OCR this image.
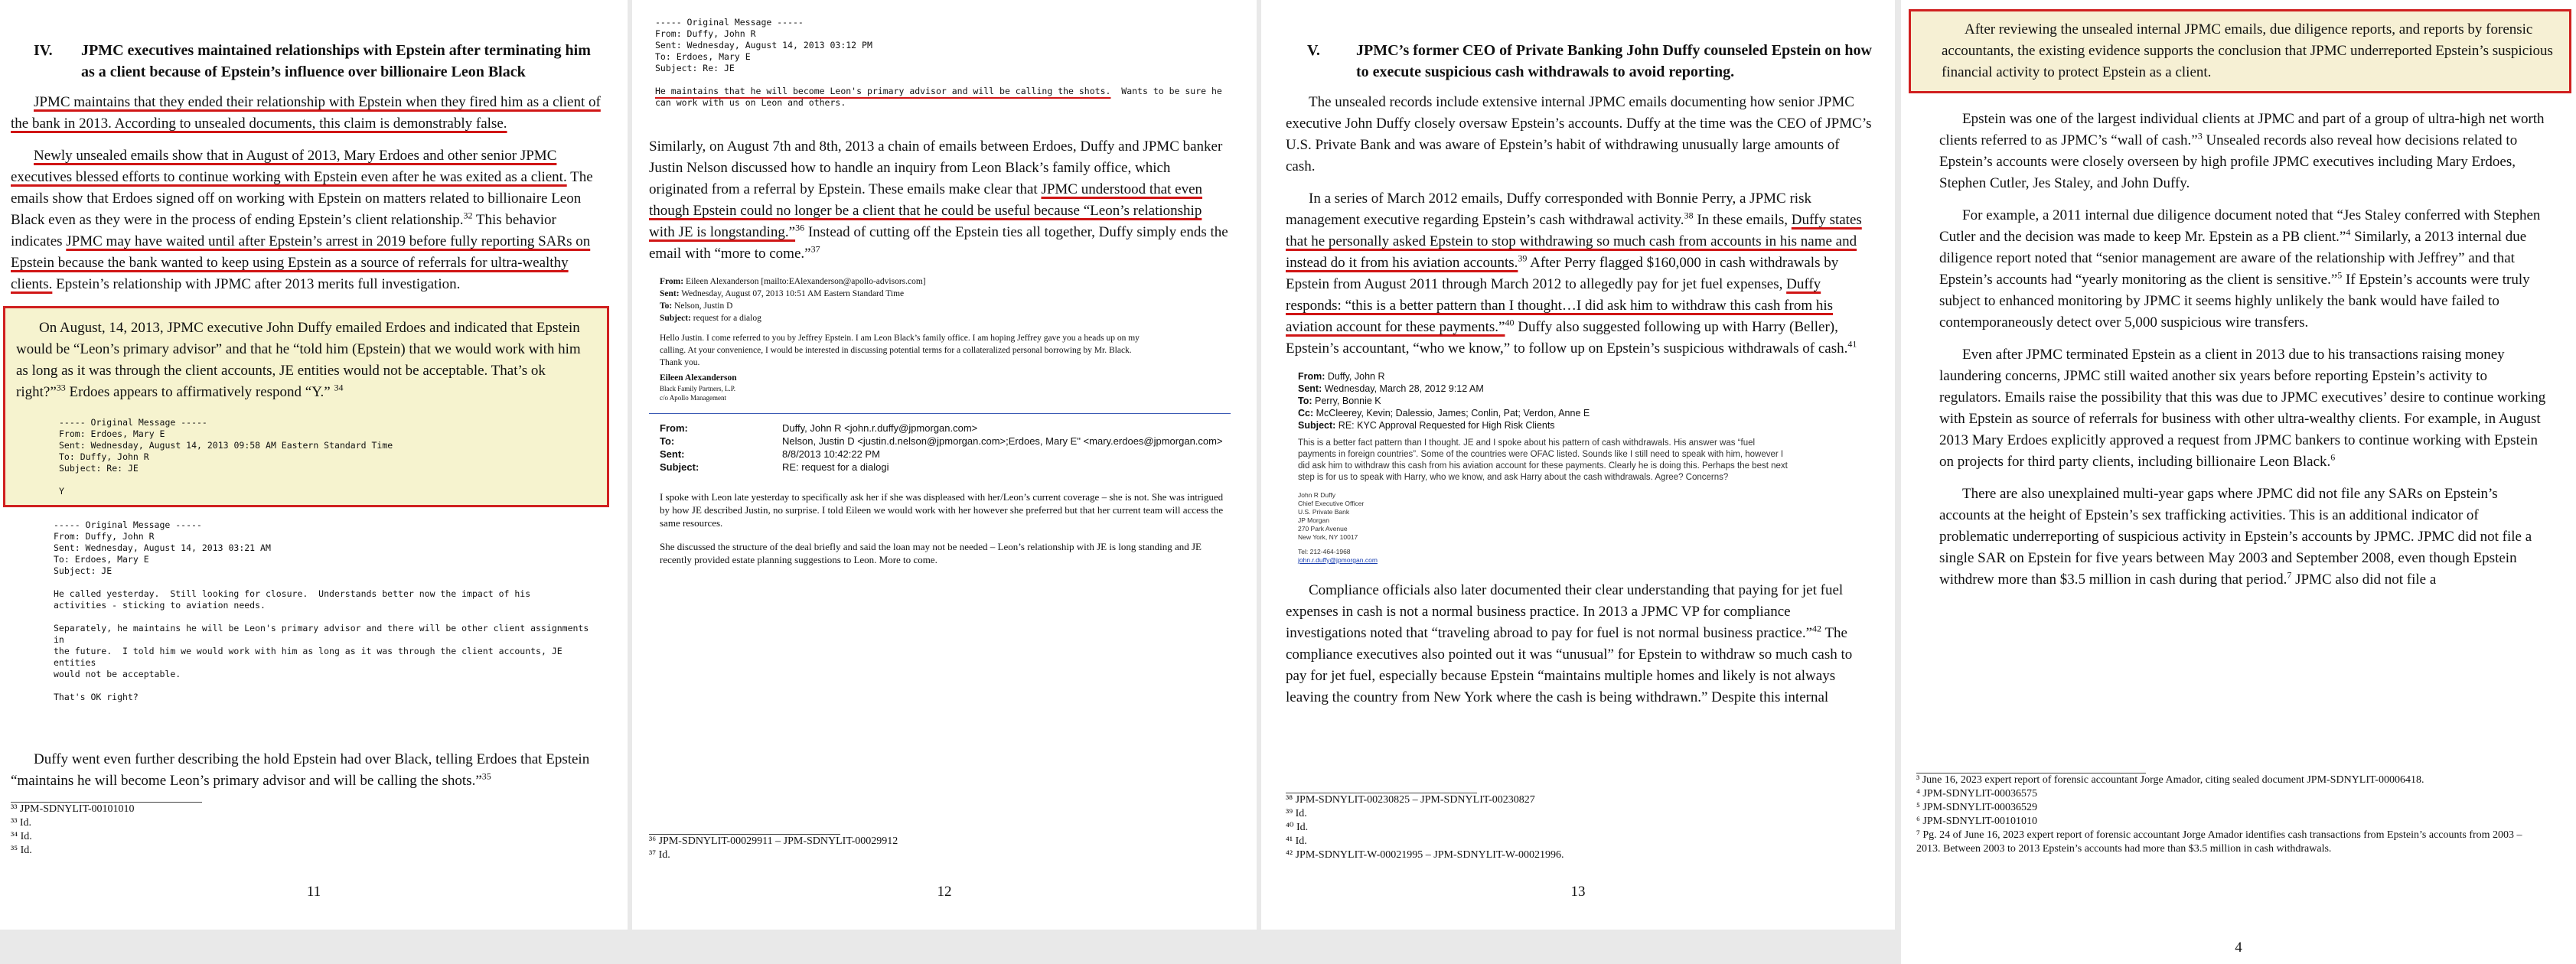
IV.	JPMC executives maintained relationships with Epstein after terminating him as a client because of Epstein’s influence over billionaire Leon Black

JPMC maintains that they ended their relationship with Epstein when they fired him as a client of the bank in 2013. According to unsealed documents, this claim is demonstrably false.

Newly unsealed emails show that in August of 2013, Mary Erdoes and other senior JPMC executives blessed efforts to continue working with Epstein even after he was exited as a client. The emails show that Erdoes signed off on working with Epstein on matters related to billionaire Leon Black even as they were in the process of ending Epstein’s client relationship.$^{32}$ This behavior indicates JPMC may have waited until after Epstein’s arrest in 2019 before fully reporting SARs on Epstein because the bank wanted to keep using Epstein as a source of referrals for ultra-wealthy clients. Epstein’s relationship with JPMC after 2013 merits full investigation.

On August, 14, 2013, JPMC executive John Duffy emailed Erdoes and indicated that Epstein would be “Leon’s primary advisor” and that he “told him (Epstein) that we would work with him as long as it was through the client accounts, JE entities would not be acceptable. That’s ok right?”$^{33}$ Erdoes appears to affirmatively respond “Y.” $^{34}$

----- Original Message -----
From: Erdoes, Mary E
Sent: Wednesday, August 14, 2013 09:58 AM Eastern Standard Time
To: Duffy, John R
Subject: Re: JE

Y
----- Original Message -----
From: Duffy, John R
Sent: Wednesday, August 14, 2013 03:21 AM
To: Erdoes, Mary E
Subject: JE

He called yesterday.  Still looking for closure.  Understands better now the impact of his
activities - sticking to aviation needs.

Separately, he maintains he will be Leon's primary advisor and there will be other client assignments in
the future.  I told him we would work with him as long as it was through the client accounts, JE entities
would not be acceptable.

That's OK right?

Duffy went even further describing the hold Epstein had over Black, telling Erdoes that Epstein “maintains he will become Leon’s primary advisor and will be calling the shots.”$^{35}$

³³ JPM-SDNYLIT-00101010
³³ Id.
³⁴ Id.
³⁵ Id.
11
----- Original Message -----
From: Duffy, John R
Sent: Wednesday, August 14, 2013 03:12 PM
To: Erdoes, Mary E
Subject: Re: JE
He maintains that he will become Leon's primary advisor and will be calling the shots.  Wants to be sure he can work with us on Leon and others.

Similarly, on August 7th and 8th, 2013 a chain of emails between Erdoes, Duffy and JPMC banker Justin Nelson discussed how to handle an inquiry from Leon Black’s family office, which originated from a referral by Epstein. These emails make clear that JPMC understood that even though Epstein could no longer be a client that he could be useful because “Leon’s relationship with JE is longstanding.”$^{36}$ Instead of cutting off the Epstein ties all together, Duffy simply ends the email with “more to come.”$^{37}$

From: Eileen Alexanderson [mailto:EAlexanderson@apollo-advisors.com]
Sent: Wednesday, August 07, 2013 10:51 AM Eastern Standard Time
To: Nelson, Justin D
Subject: request for a dialog
Hello Justin. I come referred to you by Jeffrey Epstein. I am Leon Black’s family office. I am hoping Jeffrey gave you a heads up on my calling. At your convenience, I would be interested in discussing potential terms for a collateralized personal borrowing by Mr. Black. Thank you.
Eileen Alexanderson
Black Family Partners, L.P.
c/o Apollo Management
From:	Duffy, John R <john.r.duffy@jpmorgan.com>
To:	Nelson, Justin D <justin.d.nelson@jpmorgan.com>;Erdoes, Mary E" <mary.erdoes@jpmorgan.com>
Sent:	8/8/2013 10:42:22 PM
Subject:	RE: request for a dialogi
I spoke with Leon late yesterday to specifically ask her if she was displeased with her/Leon’s current coverage – she is not. She was intrigued by how JE described Justin, no surprise. I told Eileen we would work with her however she preferred but that her current team will access the same resources.
She discussed the structure of the deal briefly and said the loan may not be needed – Leon’s relationship with JE is long standing and JE recently provided estate planning suggestions to Leon. More to come.
³⁶ JPM-SDNYLIT-00029911 – JPM-SDNYLIT-00029912
³⁷ Id.
12
V.	JPMC’s former CEO of Private Banking John Duffy counseled Epstein on how to execute suspicious cash withdrawals to avoid reporting.

The unsealed records include extensive internal JPMC emails documenting how senior JPMC executive John Duffy closely oversaw Epstein’s accounts. Duffy at the time was the CEO of JPMC’s U.S. Private Bank and was aware of Epstein’s habit of withdrawing unusually large amounts of cash.

In a series of March 2012 emails, Duffy corresponded with Bonnie Perry, a JPMC risk management executive regarding Epstein’s cash withdrawal activity.$^{38}$ In these emails, Duffy states that he personally asked Epstein to stop withdrawing so much cash from accounts in his name and instead do it from his aviation accounts.$^{39}$ After Perry flagged $160,000 in cash withdrawals by Epstein from August 2011 through March 2012 to allegedly pay for jet fuel expenses, Duffy responds: “this is a better pattern than I thought…I did ask him to withdraw this cash from his aviation account for these payments.”$^{40}$ Duffy also suggested following up with Harry (Beller), Epstein’s accountant, “who we know,” to follow up on Epstein’s suspicious withdrawals of cash.$^{41}$

From: Duffy, John R
Sent: Wednesday, March 28, 2012 9:12 AM
To: Perry, Bonnie K
Cc: McCleerey, Kevin; Dalessio, James; Conlin, Pat; Verdon, Anne E
Subject: RE: KYC Approval Requested for High Risk Clients
This is a better fact pattern than I thought. JE and I spoke about his pattern of cash withdrawals. His answer was “fuel payments in foreign countries”. Some of the countries were OFAC listed. Sounds like I still need to speak with him, however I did ask him to withdraw this cash from his aviation account for these payments. Clearly he is doing this. Perhaps the best next step is for us to speak with Harry, who we know, and ask Harry about the cash withdrawals. Agree? Concerns?
John R Duffy
Chief Executive Officer
U.S. Private Bank
JP Morgan
270 Park Avenue
New York, NY 10017
Tel: 212-464-1968
john.r.duffy@jpmorgan.com

Compliance officials also later documented their clear understanding that paying for jet fuel expenses in cash is not a normal business practice. In 2013 a JPMC VP for compliance investigations noted that “traveling abroad to pay for fuel is not normal business practice.”$^{42}$ The compliance executives also pointed out it was “unusual” for Epstein to withdraw so much cash to pay for jet fuel, especially because Epstein “maintains multiple homes and likely is not always leaving the country from New York where the cash is being withdrawn.” Despite this internal

³⁸ JPM-SDNYLIT-00230825 – JPM-SDNYLIT-00230827
³⁹ Id.
⁴⁰ Id.
⁴¹ Id.
⁴² JPM-SDNYLIT-W-00021995 – JPM-SDNYLIT-W-00021996.
13

After reviewing the unsealed internal JPMC emails, due diligence reports, and reports by forensic accountants, the existing evidence supports the conclusion that JPMC underreported Epstein’s suspicious financial activity to protect Epstein as a client.

Epstein was one of the largest individual clients at JPMC and part of a group of ultra-high net worth clients referred to as JPMC’s “wall of cash.”$^3$ Unsealed records also reveal how decisions related to Epstein’s accounts were closely overseen by high profile JPMC executives including Mary Erdoes, Stephen Cutler, Jes Staley, and John Duffy.

For example, a 2011 internal due diligence document noted that “Jes Staley conferred with Stephen Cutler and the decision was made to keep Mr. Epstein as a PB client.”$^4$ Similarly, a 2013 internal due diligence report noted that “senior management are aware of the relationship with Jeffrey” and that Epstein’s accounts had “yearly monitoring as the client is sensitive.”$^5$ If Epstein’s accounts were truly subject to enhanced monitoring by JPMC it seems highly unlikely the bank would have failed to contemporaneously detect over 5,000 suspicious wire transfers.

Even after JPMC terminated Epstein as a client in 2013 due to his transactions raising money laundering concerns, JPMC still waited another six years before reporting Epstein’s activity to regulators. Emails raise the possibility that this was due to JPMC executives’ desire to continue working with Epstein as source of referrals for business with other ultra-wealthy clients. For example, in August 2013 Mary Erdoes explicitly approved a request from JPMC bankers to continue working with Epstein on projects for third party clients, including billionaire Leon Black.$^6$

There are also unexplained multi-year gaps where JPMC did not file any SARs on Epstein’s accounts at the height of Epstein’s sex trafficking activities. This is an additional indicator of problematic underreporting of suspicious activity in Epstein’s accounts by JPMC. JPMC did not file a single SAR on Epstein for five years between May 2003 and September 2008, even though Epstein withdrew more than $3.5 million in cash during that period.$^7$ JPMC also did not file a

³ June 16, 2023 expert report of forensic accountant Jorge Amador, citing sealed document JPM-SDNYLIT-00006418.
⁴ JPM-SDNYLIT-00036575
⁵ JPM-SDNYLIT-00036529
⁶ JPM-SDNYLIT-00101010
⁷ Pg. 24 of June 16, 2023 expert report of forensic accountant Jorge Amador identifies cash transactions from Epstein’s accounts from 2003 – 2013. Between 2003 to 2013 Epstein’s accounts had more than $3.5 million in cash withdrawals.
4
